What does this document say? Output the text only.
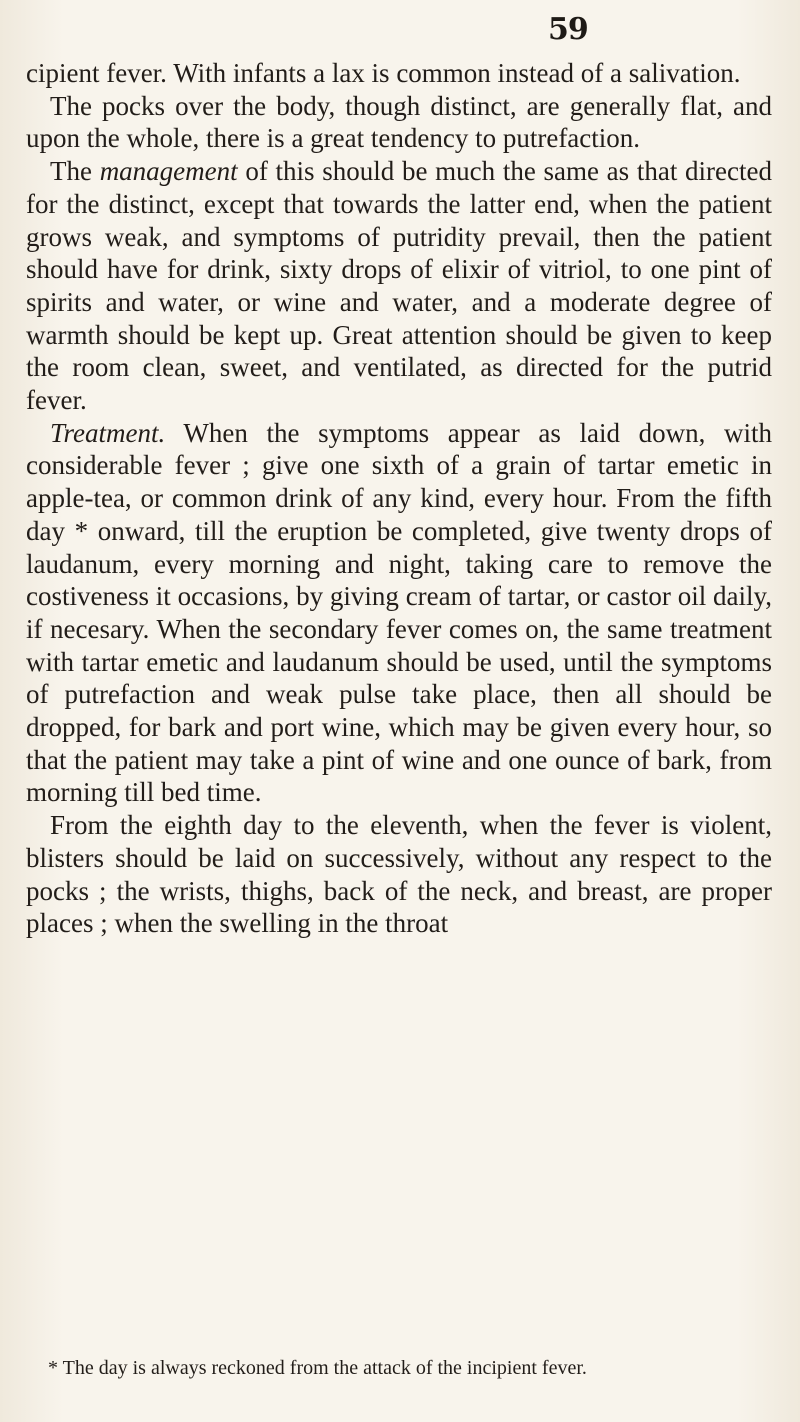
59

cipient fever. With infants a lax is common instead of a salivation.

The pocks over the body, though distinct, are generally flat, and upon the whole, there is a great tendency to putrefaction.

The management of this should be much the same as that directed for the distinct, except that towards the latter end, when the patient grows weak, and symptoms of putridity prevail, then the patient should have for drink, sixty drops of elixir of vitriol, to one pint of spirits and water, or wine and water, and a moderate degree of warmth should be kept up. Great attention should be given to keep the room clean, sweet, and ventilated, as directed for the putrid fever.

Treatment. When the symptoms appear as laid down, with considerable fever ; give one sixth of a grain of tartar emetic in apple-tea, or common drink of any kind, every hour. From the fifth day * onward, till the eruption be completed, give twenty drops of laudanum, every morning and night, taking care to remove the costiveness it occasions, by giving cream of tartar, or castor oil daily, if necesary. When the secondary fever comes on, the same treatment with tartar emetic and laudanum should be used, until the symptoms of putrefaction and weak pulse take place, then all should be dropped, for bark and port wine, which may be given every hour, so that the patient may take a pint of wine and one ounce of bark, from morning till bed time.

From the eighth day to the eleventh, when the fever is violent, blisters should be laid on successively, without any respect to the pocks ; the wrists, thighs, back of the neck, and breast, are proper places ; when the swelling in the throat

* The day is always reckoned from the attack of the incipient fever.
